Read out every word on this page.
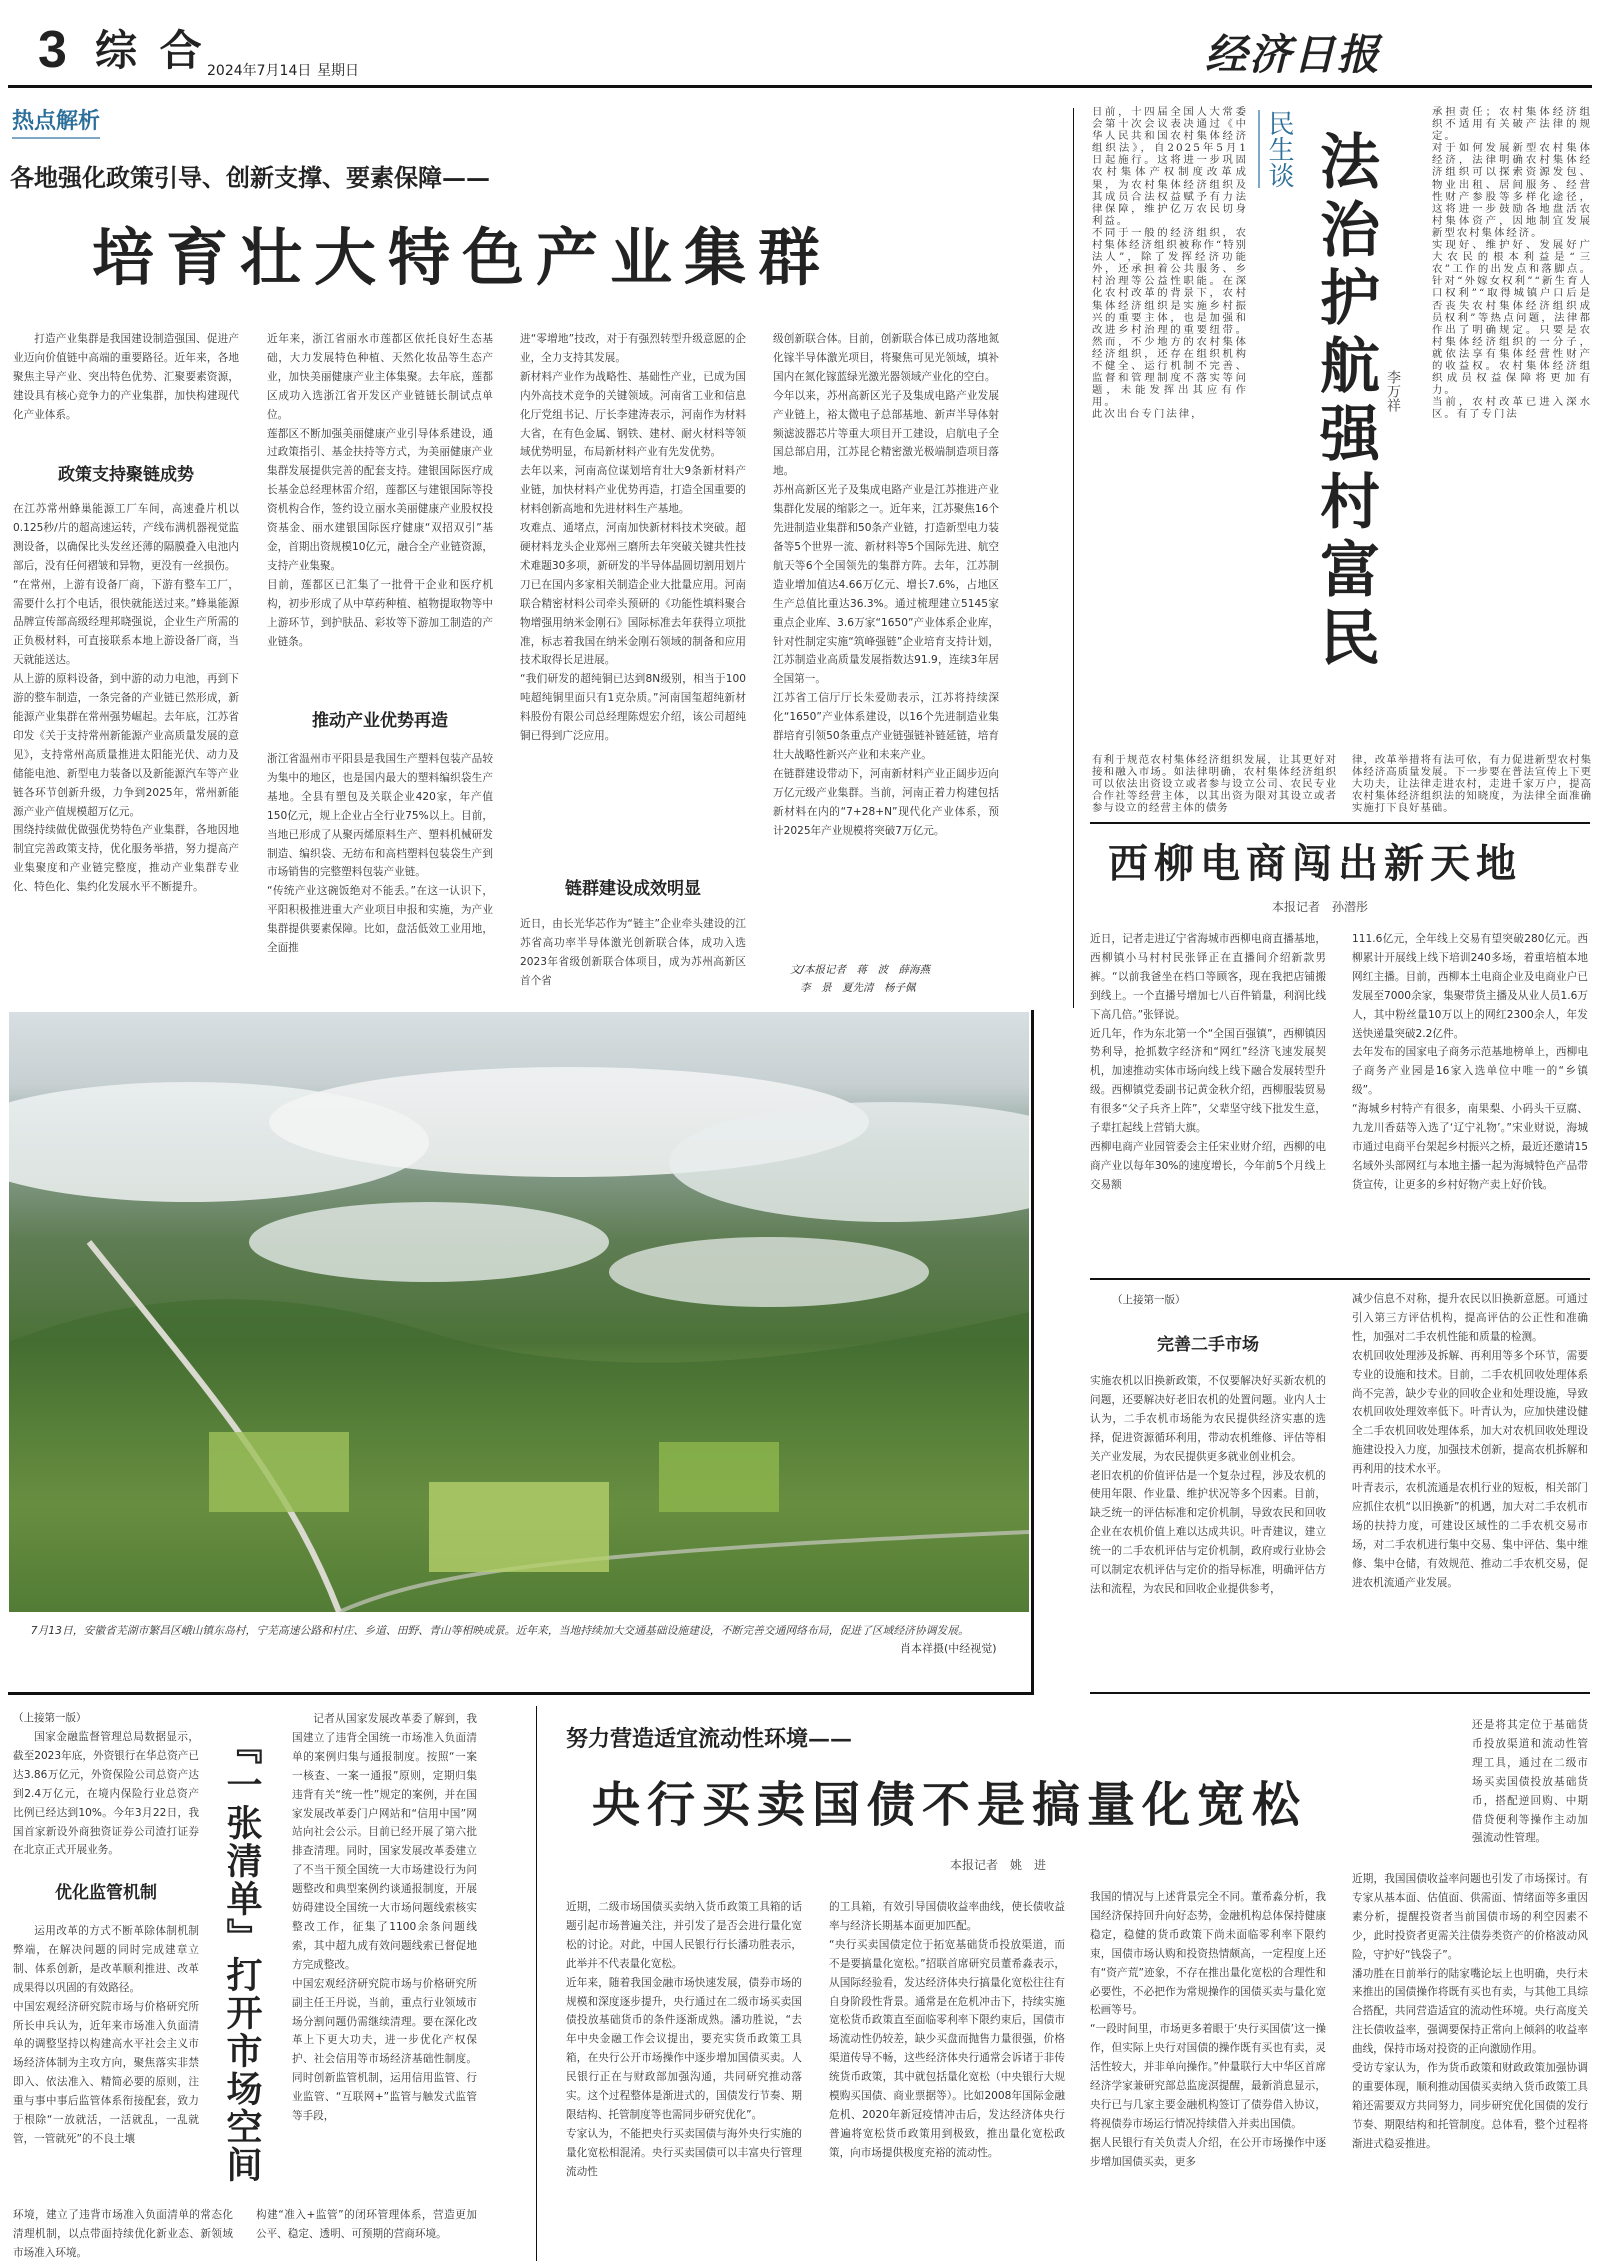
3 综 合 2024年7月14日 星期日	经济日报
热点解析
各地强化政策引导、创新支撑、要素保障——
培育壮大特色产业集群
打造产业集群是我国建设制造强国、促进产业迈向价值链中高端的重要路径。近年来，各地聚焦主导产业、突出特色优势、汇聚要素资源，建设具有核心竞争力的产业集群，加快构建现代化产业体系。
政策支持聚链成势
在江苏常州蜂巢能源工厂车间，高速叠片机以0.125秒/片的超高速运转，产线布满机器视觉监测设备，以确保比头发丝还薄的隔膜叠入电池内部后，没有任何褶皱和异物，更没有一丝损伤。
“在常州，上游有设备厂商，下游有整车工厂，需要什么打个电话，很快就能送过来。”蜂巢能源品牌宣传部高级经理邦晓强说，企业生产所需的正负极材料，可直接联系本地上游设备厂商，当天就能送达。
从上游的原料设备，到中游的动力电池，再到下游的整车制造，一条完备的产业链已然形成，新能源产业集群在常州强势崛起。去年底，江苏省印发《关于支持常州新能源产业高质量发展的意见》，支持常州高质量推进太阳能光伏、动力及储能电池、新型电力装备以及新能源汽车等产业链各环节创新升级，力争到2025年，常州新能源产业产值规模超万亿元。
围绕持续做优做强优势特色产业集群，各地因地制宜完善政策支持，优化服务举措，努力提高产业集聚度和产业链完整度，推动产业集群专业化、特色化、集约化发展水平不断提升。
近年来，浙江省丽水市莲都区依托良好生态基础，大力发展特色种植、天然化妆品等生态产业，加快美丽健康产业主体集聚。去年底，莲都区成功入选浙江省开发区产业链链长制试点单位。
莲都区不断加强美丽健康产业引导体系建设，通过政策指引、基金扶持等方式，为美丽健康产业集群发展提供完善的配套支持。建银国际医疗成长基金总经理林雷介绍，莲都区与建银国际等投资机构合作，签约设立丽水美丽健康产业股权投资基金、丽水建银国际医疗健康“双招双引”基金，首期出资规模10亿元，融合全产业链资源，支持产业集聚。
目前，莲都区已汇集了一批骨干企业和医疗机构，初步形成了从中草药种植、植物提取物等中上游环节，到护肤品、彩妆等下游加工制造的产业链条。
推动产业优势再造
浙江省温州市平阳县是我国生产塑料包装产品较为集中的地区，也是国内最大的塑料编织袋生产基地。全县有塑包及关联企业420家，年产值150亿元，规上企业占全行业75%以上。目前，当地已形成了从聚丙烯原料生产、塑料机械研发制造、编织袋、无纺布和高档塑料包装袋生产到市场销售的完整塑料包装产业链。
“传统产业这碗饭绝对不能丢。”在这一认识下，平阳积极推进重大产业项目申报和实施，为产业集群提供要素保障。比如，盘活低效工业用地，全面推
进“零增地”技改，对于有强烈转型升级意愿的企业，全力支持其发展。
新材料产业作为战略性、基础性产业，已成为国内外高技术竞争的关键领域。河南省工业和信息化厅党组书记、厅长李建涛表示，河南作为材料大省，在有色金属、钢铁、建材、耐火材料等领域优势明显，布局新材料产业有先发优势。
去年以来，河南高位谋划培育壮大9条新材料产业链，加快材料产业优势再造，打造全国重要的材料创新高地和先进材料生产基地。
攻难点、通堵点，河南加快新材料技术突破。超硬材料龙头企业郑州三磨所去年突破关键共性技术难题30多项，新研发的半导体晶圆切割用划片刀已在国内多家相关制造企业大批量应用。河南联合精密材料公司牵头预研的《功能性填料聚合物增强用纳米金刚石》国际标准去年获得立项批准，标志着我国在纳米金刚石领域的制备和应用技术取得长足进展。
“我们研发的超纯铜已达到8N级别，相当于100吨超纯铜里面只有1克杂质。”河南国玺超纯新材料股份有限公司总经理陈煜宏介绍，该公司超纯铜已得到广泛应用。
链群建设成效明显
近日，由长光华芯作为“链主”企业牵头建设的江苏省高功率半导体激光创新联合体，成功入选2023年省级创新联合体项目，成为苏州高新区首个省
级创新联合体。目前，创新联合体已成功落地氮化镓半导体激光项目，将聚焦可见光领域，填补国内在氮化镓蓝绿光激光器领域产业化的空白。
今年以来，苏州高新区光子及集成电路产业发展产业链上，裕太微电子总部基地、新声半导体射频滤波器芯片等重大项目开工建设，启航电子全国总部启用，江苏昆仑精密激光极端制造项目落地。
苏州高新区光子及集成电路产业是江苏推进产业集群化发展的缩影之一。近年来，江苏聚焦16个先进制造业集群和50条产业链，打造新型电力装备等5个世界一流、新材料等5个国际先进、航空航天等6个全国领先的集群方阵。去年，江苏制造业增加值达4.66万亿元、增长7.6%，占地区生产总值比重达36.3%。通过梳理建立5145家重点企业库、3.6万家“1650”产业体系企业库，针对性制定实施“筑峰强链”企业培育支持计划，江苏制造业高质量发展指数达91.9，连续3年居全国第一。
江苏省工信厅厅长朱爱勋表示，江苏将持续深化“1650”产业体系建设，以16个先进制造业集群培育引领50条重点产业链强链补链延链，培育壮大战略性新兴产业和未来产业。
在链群建设带动下，河南新材料产业正阔步迈向万亿元级产业集群。当前，河南正着力构建包括新材料在内的“7+28+N”现代化产业体系，预计2025年产业规模将突破7万亿元。
文/本报记者　蒋　波　薛海燕
李　景　夏先清　杨子佩
日前，十四届全国人大常委会第十次会议表决通过《中华人民共和国农村集体经济组织法》，自2025年5月1日起施行。这将进一步巩固农村集体产权制度改革成果，为农村集体经济组织及其成员合法权益赋予有力法律保障，维护亿万农民切身利益。
不同于一般的经济组织，农村集体经济组织被称作“特别法人”，除了发挥经济功能外，还承担着公共服务、乡村治理等公益性职能。在深化农村改革的背景下，农村集体经济组织是实施乡村振兴的重要主体，也是加强和改进乡村治理的重要纽带。然而，不少地方的农村集体经济组织，还存在组织机构不健全、运行机制不完善、监督和管理制度不落实等问题，未能发挥出其应有作用。
此次出台专门法律，
民生谈 法治护航强村富民 李万祥
有利于规范农村集体经济组织发展，让其更好对接和融入市场。如法律明确，农村集体经济组织可以依法出资设立或者参与设立公司、农民专业合作社等经营主体，以其出资为限对其设立或者参与设立的经营主体的债务
承担责任；农村集体经济组织不适用有关破产法律的规定。
对于如何发展新型农村集体经济，法律明确农村集体经济组织可以探索资源发包、物业出租、居间服务、经营性财产参股等多样化途径，这将进一步鼓励各地盘活农村集体资产，因地制宜发展新型农村集体经济。
实现好、维护好、发展好广大农民的根本利益是“三农”工作的出发点和落脚点。针对“外嫁女权利”“新生育人口权利”“取得城镇户口后是否丧失农村集体经济组织成员权利”等热点问题，法律都作出了明确规定。只要是农村集体经济组织的一分子，就依法享有集体经营性财产的收益权。农村集体经济组织成员权益保障将更加有力。
当前，农村改革已进入深水区。有了专门法
律，改革举措将有法可依，有力促进新型农村集体经济高质量发展。下一步要在普法宣传上下更大功夫，让法律走进农村，走进千家万户，提高农村集体经济组织法的知晓度，为法律全面准确实施打下良好基础。
西柳电商闯出新天地
本报记者　孙潜彤
近日，记者走进辽宁省海城市西柳电商直播基地，西柳镇小马村村民张铎正在直播间介绍新款男裤。“以前我爸坐在档口等顾客，现在我把店铺搬到线上。一个直播号增加七八百件销量，利润比线下高几倍。”张铎说。
近几年，作为东北第一个“全国百强镇”，西柳镇因势利导，抢抓数字经济和“网红”经济飞速发展契机，加速推动实体市场向线上线下融合发展转型升级。西柳镇党委副书记黄金秋介绍，西柳服装贸易有很多“父子兵齐上阵”，父辈坚守线下批发生意，子辈扛起线上营销大旗。
西柳电商产业园管委会主任宋业财介绍，西柳的电商产业以每年30%的速度增长，今年前5个月线上交易额
111.6亿元，全年线上交易有望突破280亿元。西柳累计开展线上线下培训240多场，着重培植本地网红主播。目前，西柳本土电商企业及电商业户已发展至7000余家，集聚带货主播及从业人员1.6万人，其中粉丝量10万以上的网红2300余人，年发送快递量突破2.2亿件。
去年发布的国家电子商务示范基地榜单上，西柳电子商务产业园是16家入选单位中唯一的“乡镇级”。
“海城乡村特产有很多，南果梨、小码头干豆腐、九龙川香菇等入选了‘辽宁礼物’。”宋业财说，海城市通过电商平台架起乡村振兴之桥，最近还邀请15名域外头部网红与本地主播一起为海城特色产品带货宣传，让更多的乡村好物产卖上好价钱。
（上接第一版）
完善二手市场
实施农机以旧换新政策，不仅要解决好买新农机的问题，还要解决好老旧农机的处置问题。业内人士认为，二手农机市场能为农民提供经济实惠的选择，促进资源循环利用，带动农机维修、评估等相关产业发展，为农民提供更多就业创业机会。
老旧农机的价值评估是一个复杂过程，涉及农机的使用年限、作业量、维护状况等多个因素。目前，缺乏统一的评估标准和定价机制，导致农民和回收企业在农机价值上难以达成共识。叶青建议，建立统一的二手农机评估与定价机制，政府或行业协会可以制定农机评估与定价的指导标准，明确评估方法和流程，为农民和回收企业提供参考，
减少信息不对称，提升农民以旧换新意愿。可通过引入第三方评估机构，提高评估的公正性和准确性，加强对二手农机性能和质量的检测。
农机回收处理涉及拆解、再利用等多个环节，需要专业的设施和技术。目前，二手农机回收处理体系尚不完善，缺少专业的回收企业和处理设施，导致农机回收处理效率低下。叶青认为，应加快建设健全二手农机回收处理体系，加大对农机回收处理设施建设投入力度，加强技术创新，提高农机拆解和再利用的技术水平。
叶青表示，农机流通是农机行业的短板，相关部门应抓住农机“以旧换新”的机遇，加大对二手农机市场的扶持力度，可建设区域性的二手农机交易市场，对二手农机进行集中交易、集中评估、集中维修、集中仓储，有效规范、推动二手农机交易，促进农机流通产业发展。
7月13日，安徽省芜湖市繁昌区峨山镇东岛村，宁芜高速公路和村庄、乡道、田野、青山等相映成景。近年来，当地持续加大交通基础设施建设，不断完善交通网络布局，促进了区域经济协调发展。
肖本祥摄(中经视觉)
（上接第一版）
国家金融监督管理总局数据显示，截至2023年底，外资银行在华总资产已达3.86万亿元，外资保险公司总资产达到2.4万亿元，在境内保险行业总资产比例已经达到10%。今年3月22日，我国首家新设外商独资证券公司渣打证券在北京正式开展业务。
优化监管机制
运用改革的方式不断革除体制机制弊端，在解决问题的同时完成建章立制、体系创新，是改革顺利推进、改革成果得以巩固的有效路径。
中国宏观经济研究院市场与价格研究所所长申兵认为，近年来市场准入负面清单的调整坚持以构建高水平社会主义市场经济体制为主攻方向，聚焦落实非禁即入、依法准入、精简必要的原则，注重与事中事后监管体系衔接配套，致力于根除“一放就活，一活就乱，一乱就管，一管就死”的不良土壤
环境，建立了违背市场准入负面清单的常态化清理机制，以点带面持续优化新业态、新领域市场准入环境。
『一张清单』打开市场空间
记者从国家发展改革委了解到，我国建立了违背全国统一市场准入负面清单的案例归集与通报制度。按照“一案一核查、一案一通报”原则，定期归集违背有关“统一性”规定的案例，并在国家发展改革委门户网站和“信用中国”网站向社会公示。目前已经开展了第六批排查清理。同时，国家发展改革委建立了不当干预全国统一大市场建设行为问题整改和典型案例约谈通报制度，开展妨碍建设全国统一大市场问题线索核实整改工作，征集了1100余条问题线索，其中超九成有效问题线索已督促地方完成整改。
中国宏观经济研究院市场与价格研究所副主任王丹说，当前，重点行业领域市场分割问题仍需继续清理。要在深化改革上下更大功夫，进一步优化产权保护、社会信用等市场经济基础性制度。同时创新监管机制，运用信用监管、行业监管、“互联网+”监管与触发式监管等手段，
构建“准入+监管”的闭环管理体系，营造更加公平、稳定、透明、可预期的营商环境。
努力营造适宜流动性环境——
央行买卖国债不是搞量化宽松
本报记者　姚　进
近期，二级市场国债买卖纳入货币政策工具箱的话题引起市场普遍关注，并引发了是否会进行量化宽松的讨论。对此，中国人民银行行长潘功胜表示，此举并不代表量化宽松。
近年来，随着我国金融市场快速发展，债券市场的规模和深度逐步提升，央行通过在二级市场买卖国债投放基础货币的条件逐渐成熟。潘功胜说，“去年中央金融工作会议提出，要充实货币政策工具箱，在央行公开市场操作中逐步增加国债买卖。人民银行正在与财政部加强沟通，共同研究推动落实。这个过程整体是渐进式的，国债发行节奏、期限结构、托管制度等也需同步研究优化”。
专家认为，不能把央行买卖国债与海外央行实施的量化宽松相混淆。央行买卖国债可以丰富央行管理流动性
的工具箱，有效引导国债收益率曲线，使长债收益率与经济长期基本面更加匹配。
“央行买卖国债定位于拓宽基础货币投放渠道，而不是要搞量化宽松。”招联首席研究员董希淼表示，从国际经验看，发达经济体央行搞量化宽松往往有自身阶段性背景。通常是在危机冲击下，持续实施宽松货币政策直至面临零利率下限约束后，国债市场流动性仍较差，缺少买盘而抛售力量很强，价格渠道传导不畅，这些经济体央行通常会诉诸于非传统货币政策，其中就包括量化宽松（中央银行大规模购买国债、商业票据等）。比如2008年国际金融危机、2020年新冠疫情冲击后，发达经济体央行普遍将宽松货币政策用到极致，推出量化宽松政策，向市场提供极度充裕的流动性。
我国的情况与上述背景完全不同。董希淼分析，我国经济保持回升向好态势，金融机构总体保持健康稳定，稳健的货币政策下尚未面临零利率下限约束，国债市场认购和投资热情颇高，一定程度上还有“资产荒”迹象，不存在推出量化宽松的合理性和必要性，不必把作为常规操作的国债买卖与量化宽松画等号。
“一段时间里，市场更多着眼于‘央行买国债’这一操作，但实际上央行对国债的操作既有买也有卖，灵活性较大，并非单向操作。”仲量联行大中华区首席经济学家兼研究部总监庞溟提醒，最新消息显示，央行已与几家主要金融机构签订了债券借入协议，将视债券市场运行情况持续借入并卖出国债。
据人民银行有关负责人介绍，在公开市场操作中逐步增加国债买卖，更多
还是将其定位于基础货币投放渠道和流动性管理工具，通过在二级市场买卖国债投放基础货币，搭配逆回购、中期借贷便利等操作主动加强流动性管理。
近期，我国国债收益率问题也引发了市场探讨。有专家从基本面、估值面、供需面、情绪面等多重因素分析，提醒投资者当前国债市场的利空因素不少，此时投资者更需关注债券类资产的价格波动风险，守护好“钱袋子”。
潘功胜在日前举行的陆家嘴论坛上也明确，央行未来推出的国债操作将既有买也有卖，与其他工具综合搭配，共同营造适宜的流动性环境。央行高度关注长债收益率，强调要保持正常向上倾斜的收益率曲线，保持市场对投资的正向激励作用。
受访专家认为，作为货币政策和财政政策加强协调的重要体现，顺利推动国债买卖纳入货币政策工具箱还需要双方共同努力，同步研究优化国债的发行节奏、期限结构和托管制度。总体看，整个过程将渐进式稳妥推进。
